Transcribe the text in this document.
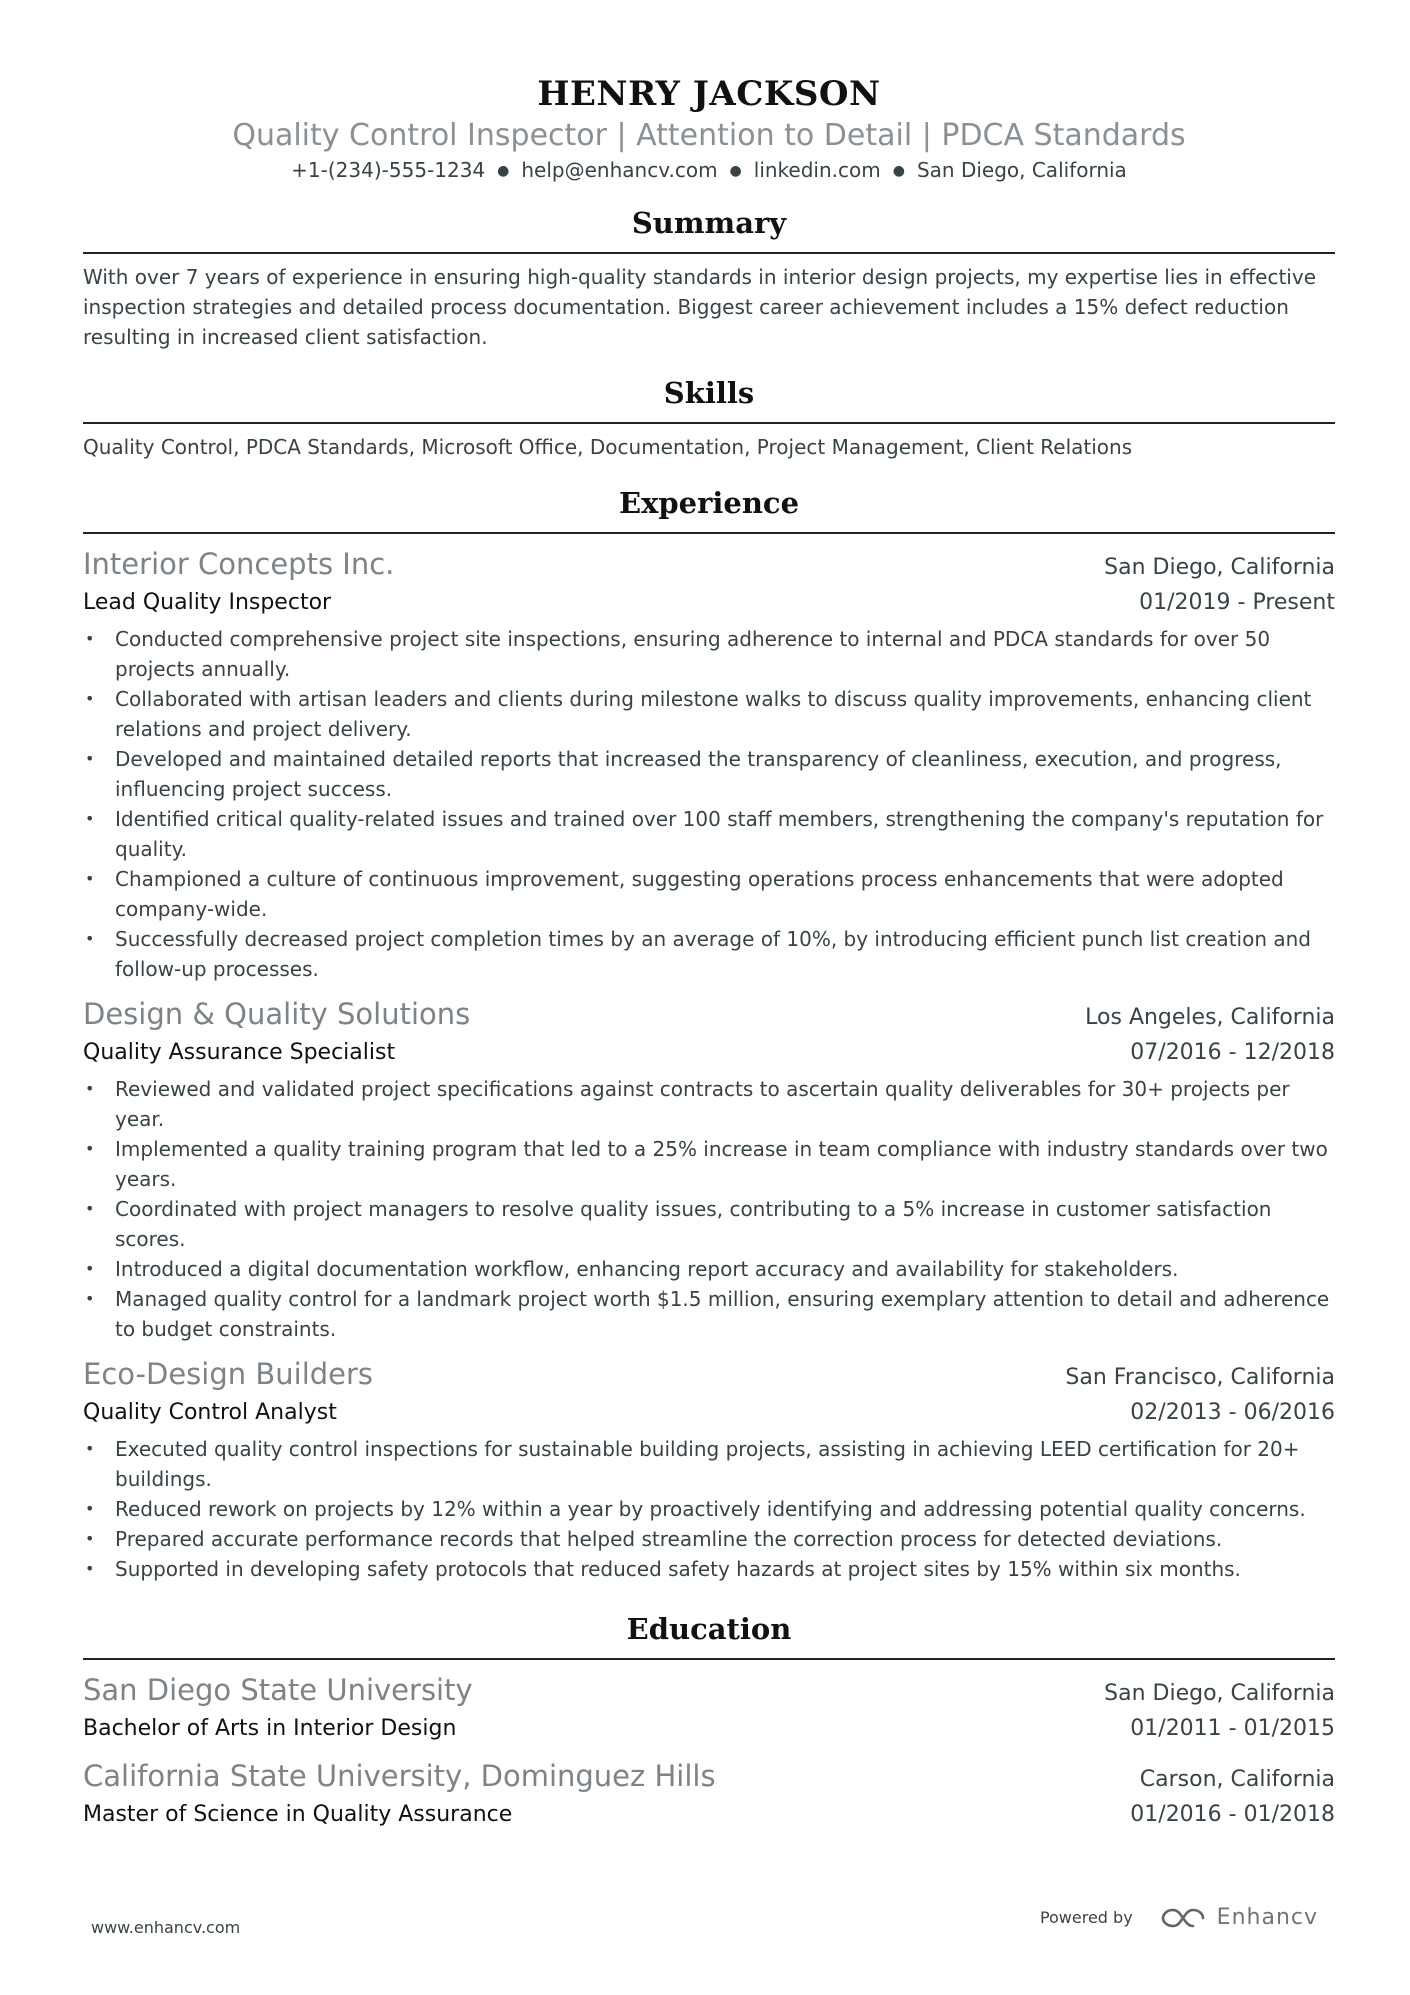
HENRY JACKSON
Quality Control Inspector | Attention to Detail | PDCA Standards
+1-(234)-555-1234 ● help@enhancv.com ● linkedin.com ● San Diego, California
Summary
With over 7 years of experience in ensuring high-quality standards in interior design projects, my expertise lies in effective inspection strategies and detailed process documentation. Biggest career achievement includes a 15% defect reduction resulting in increased client satisfaction.
Skills
Quality Control, PDCA Standards, Microsoft Office, Documentation, Project Management, Client Relations
Experience
Interior Concepts Inc.	San Diego, California
Lead Quality Inspector	01/2019 - Present
• Conducted comprehensive project site inspections, ensuring adherence to internal and PDCA standards for over 50 projects annually.
• Collaborated with artisan leaders and clients during milestone walks to discuss quality improvements, enhancing client relations and project delivery.
• Developed and maintained detailed reports that increased the transparency of cleanliness, execution, and progress, influencing project success.
• Identified critical quality-related issues and trained over 100 staff members, strengthening the company's reputation for quality.
• Championed a culture of continuous improvement, suggesting operations process enhancements that were adopted company-wide.
• Successfully decreased project completion times by an average of 10%, by introducing efficient punch list creation and follow-up processes.
Design & Quality Solutions	Los Angeles, California
Quality Assurance Specialist	07/2016 - 12/2018
• Reviewed and validated project specifications against contracts to ascertain quality deliverables for 30+ projects per year.
• Implemented a quality training program that led to a 25% increase in team compliance with industry standards over two years.
• Coordinated with project managers to resolve quality issues, contributing to a 5% increase in customer satisfaction scores.
• Introduced a digital documentation workflow, enhancing report accuracy and availability for stakeholders.
• Managed quality control for a landmark project worth $1.5 million, ensuring exemplary attention to detail and adherence to budget constraints.
Eco-Design Builders	San Francisco, California
Quality Control Analyst	02/2013 - 06/2016
• Executed quality control inspections for sustainable building projects, assisting in achieving LEED certification for 20+ buildings.
• Reduced rework on projects by 12% within a year by proactively identifying and addressing potential quality concerns.
• Prepared accurate performance records that helped streamline the correction process for detected deviations.
• Supported in developing safety protocols that reduced safety hazards at project sites by 15% within six months.
Education
San Diego State University	San Diego, California
Bachelor of Arts in Interior Design	01/2011 - 01/2015
California State University, Dominguez Hills	Carson, California
Master of Science in Quality Assurance	01/2016 - 01/2018
www.enhancv.com
Powered by	Enhancv
